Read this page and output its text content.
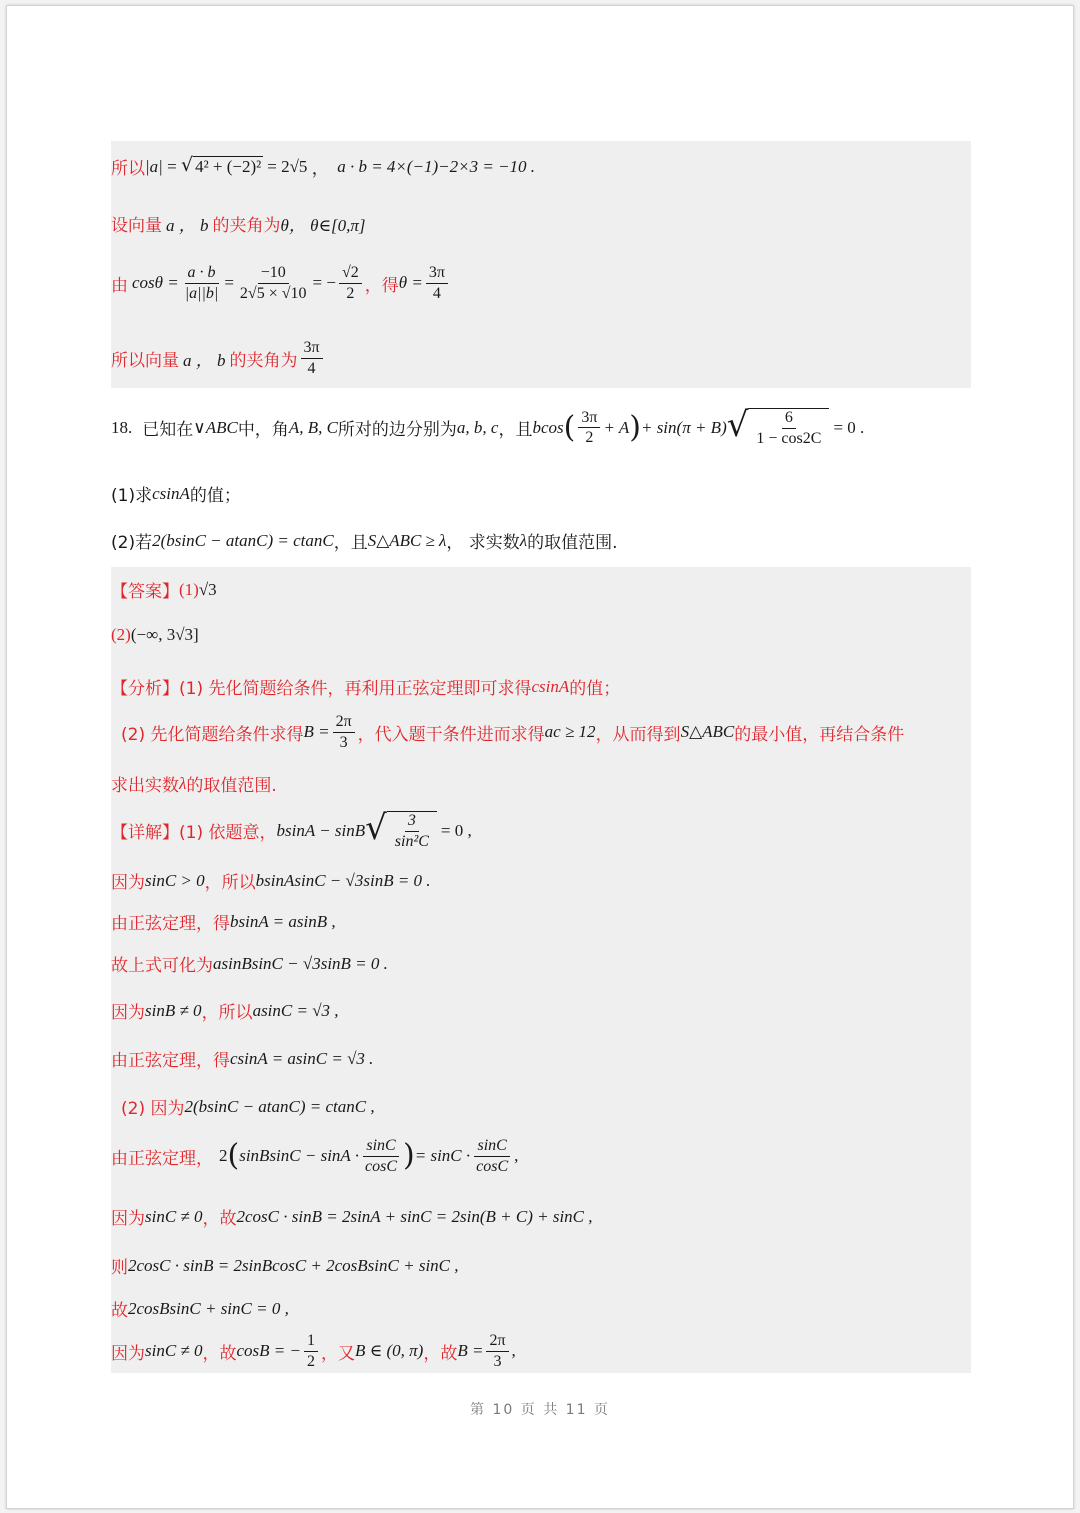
所以 |a| = √ 4² + (−2)² = 2√5 ， a · b = 4×(−1)−2×3 = −10 .
设向量 a ， b 的夹角为 θ， θ∈[0,π]
由 $\cos\theta = \frac{a \cdot b}{|a||b|} = \frac{-10}{2√5 \times √10}$ = − $\frac{√2}{2}$ ，得 $\theta = \frac{3\pi}{4}$
所以向量 a ， b 的夹角为 $\frac{3\pi}{4}$
18. 已知在 ∨ABC 中，角 A, B, C 所对的边分别为 a, b, c ，且 bcos ( $\frac{3\pi}{2} + A$ ) + sin(π + B) √ $\frac{6}{1 - \cos 2C} = 0$ .
(1)求 csinA 的值；
(2)若 2(bsinC − atanC) = ctanC ，且 S △ABC ≥ λ ， 求实数 λ 的取值范围.
【答案】 (1) √3
(2) (−∞, 3√3]
【分析】 (1) 先化简题给条件，再利用正弦定理即可求得 csinA 的值；
(2) 先化简题给条件求得 $B = \frac{2\pi}{3}$ ，代入题干条件进而求得 ac ≥ 12 ，从而得到 S △ABC 的最小值，再结合条件
求出实数 λ 的取值范围.
【详解】 (1) 依题意， bsinA − sinB √ $\frac{3}{\text{sin²C}} = 0$ ,
因为 sinC > 0 ，所以 bsinAsinC − √3sinB = 0 .
由正弦定理，得 bsinA = asinB ,
故上式可化为 asinBsinC − √3sinB = 0 .
因为 sinB ≠ 0 ，所以 asinC = √3 ,
由正弦定理，得 csinA = asinC = √3 .
(2) 因为 2(bsinC − atanC) = ctanC ,
由正弦定理， 2 ( sinBsinC − $\sin A \cdot \frac{\sin C}{\cos C}$ ) = $\sin C \cdot \frac{\sin C}{\cos C}$ ,
因为 sinC ≠ 0 ，故 2cosC · sinB = 2sinA + sinC = 2sin(B + C) + sinC ,
则 2cosC · sinB = 2sinBcosC + 2cosBsinC + sinC ,
故 2cosBsinC + sinC = 0 ,
因为 sinC ≠ 0 ，故 cosB = − $\frac{1}{2}$ ，又 B ∈ (0, π) ，故 $B = \frac{2\pi}{3}$ ,
第 10 页 共 11 页
